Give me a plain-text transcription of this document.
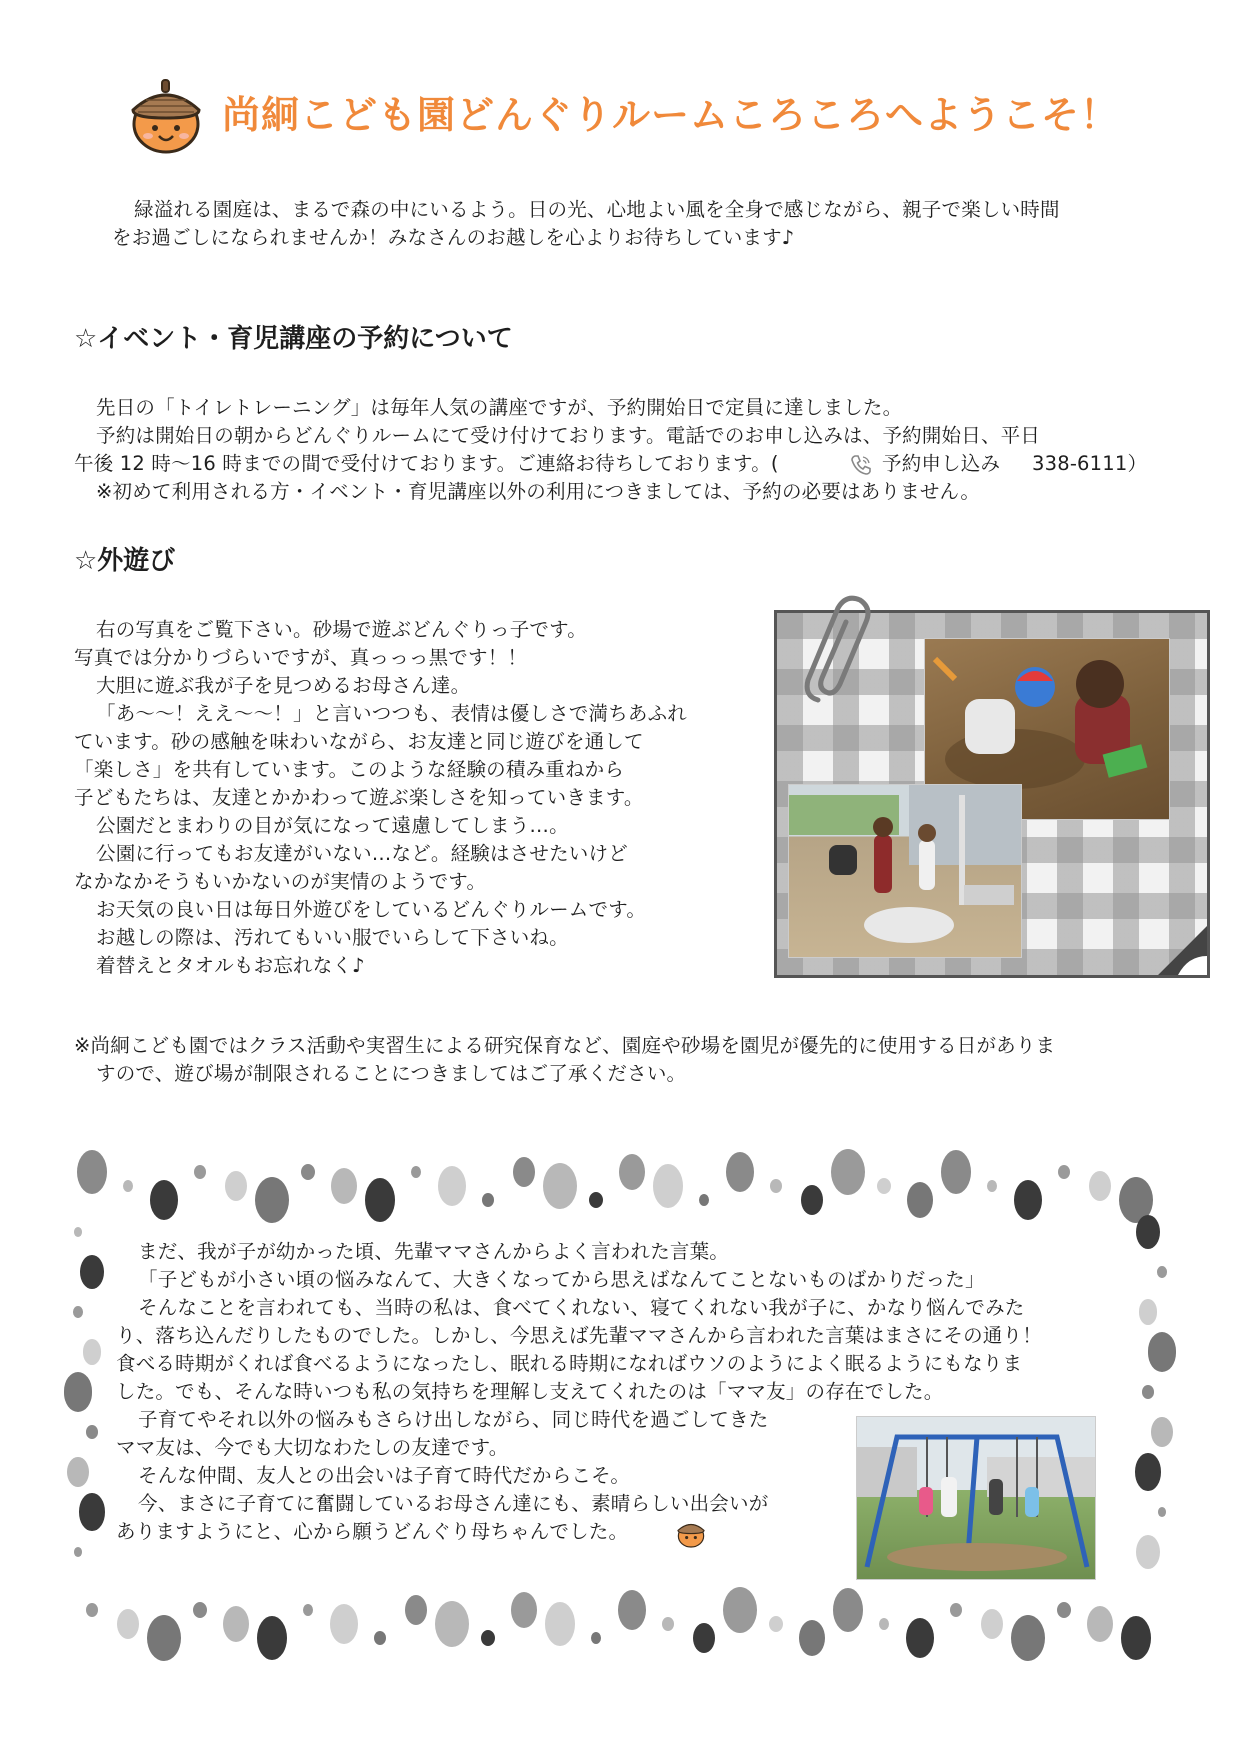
尚絅こども園どんぐりルームころころへようこそ！
緑溢れる園庭は、まるで森の中にいるよう。日の光、心地よい風を全身で感じながら、親子で楽しい時間
をお過ごしになられませんか！みなさんのお越しを心よりお待ちしています♪
☆イベント・育児講座の予約について
先日の「トイレトレーニング」は毎年人気の講座ですが、予約開始日で定員に達しました。
予約は開始日の朝からどんぐりルームにて受け付けております。電話でのお申し込みは、予約開始日、平日
午後 12 時〜16 時までの間で受付けております。ご連絡お待ちしております。(	予約申し込み 338-6111）
※初めて利用される方・イベント・育児講座以外の利用につきましては、予約の必要はありません。
☆外遊び
右の写真をご覧下さい。砂場で遊ぶどんぐりっ子です。
写真では分かりづらいですが、真っっっ黒です！！
大胆に遊ぶ我が子を見つめるお母さん達。
「あ〜〜！ええ〜〜！」と言いつつも、表情は優しさで満ちあふれ
ています。砂の感触を味わいながら、お友達と同じ遊びを通して
「楽しさ」を共有しています。このような経験の積み重ねから
子どもたちは、友達とかかわって遊ぶ楽しさを知っていきます。
公園だとまわりの目が気になって遠慮してしまう…。
公園に行ってもお友達がいない…など。経験はさせたいけど
なかなかそうもいかないのが実情のようです。
お天気の良い日は毎日外遊びをしているどんぐりルームです。
お越しの際は、汚れてもいい服でいらして下さいね。
着替えとタオルもお忘れなく♪
※尚絅こども園ではクラス活動や実習生による研究保育など、園庭や砂場を園児が優先的に使用する日がありま
すので、遊び場が制限されることにつきましてはご了承ください。
まだ、我が子が幼かった頃、先輩ママさんからよく言われた言葉。
「子どもが小さい頃の悩みなんて、大きくなってから思えばなんてことないものばかりだった」
そんなことを言われても、当時の私は、食べてくれない、寝てくれない我が子に、かなり悩んでみた
り、落ち込んだりしたものでした。しかし、今思えば先輩ママさんから言われた言葉はまさにその通り！
食べる時期がくれば食べるようになったし、眠れる時期になればウソのようによく眠るようにもなりま
した。でも、そんな時いつも私の気持ちを理解し支えてくれたのは「ママ友」の存在でした。
子育てやそれ以外の悩みもさらけ出しながら、同じ時代を過ごしてきた
ママ友は、今でも大切なわたしの友達です。
そんな仲間、友人との出会いは子育て時代だからこそ。
今、まさに子育てに奮闘しているお母さん達にも、素晴らしい出会いが
ありますようにと、心から願うどんぐり母ちゃんでした。
